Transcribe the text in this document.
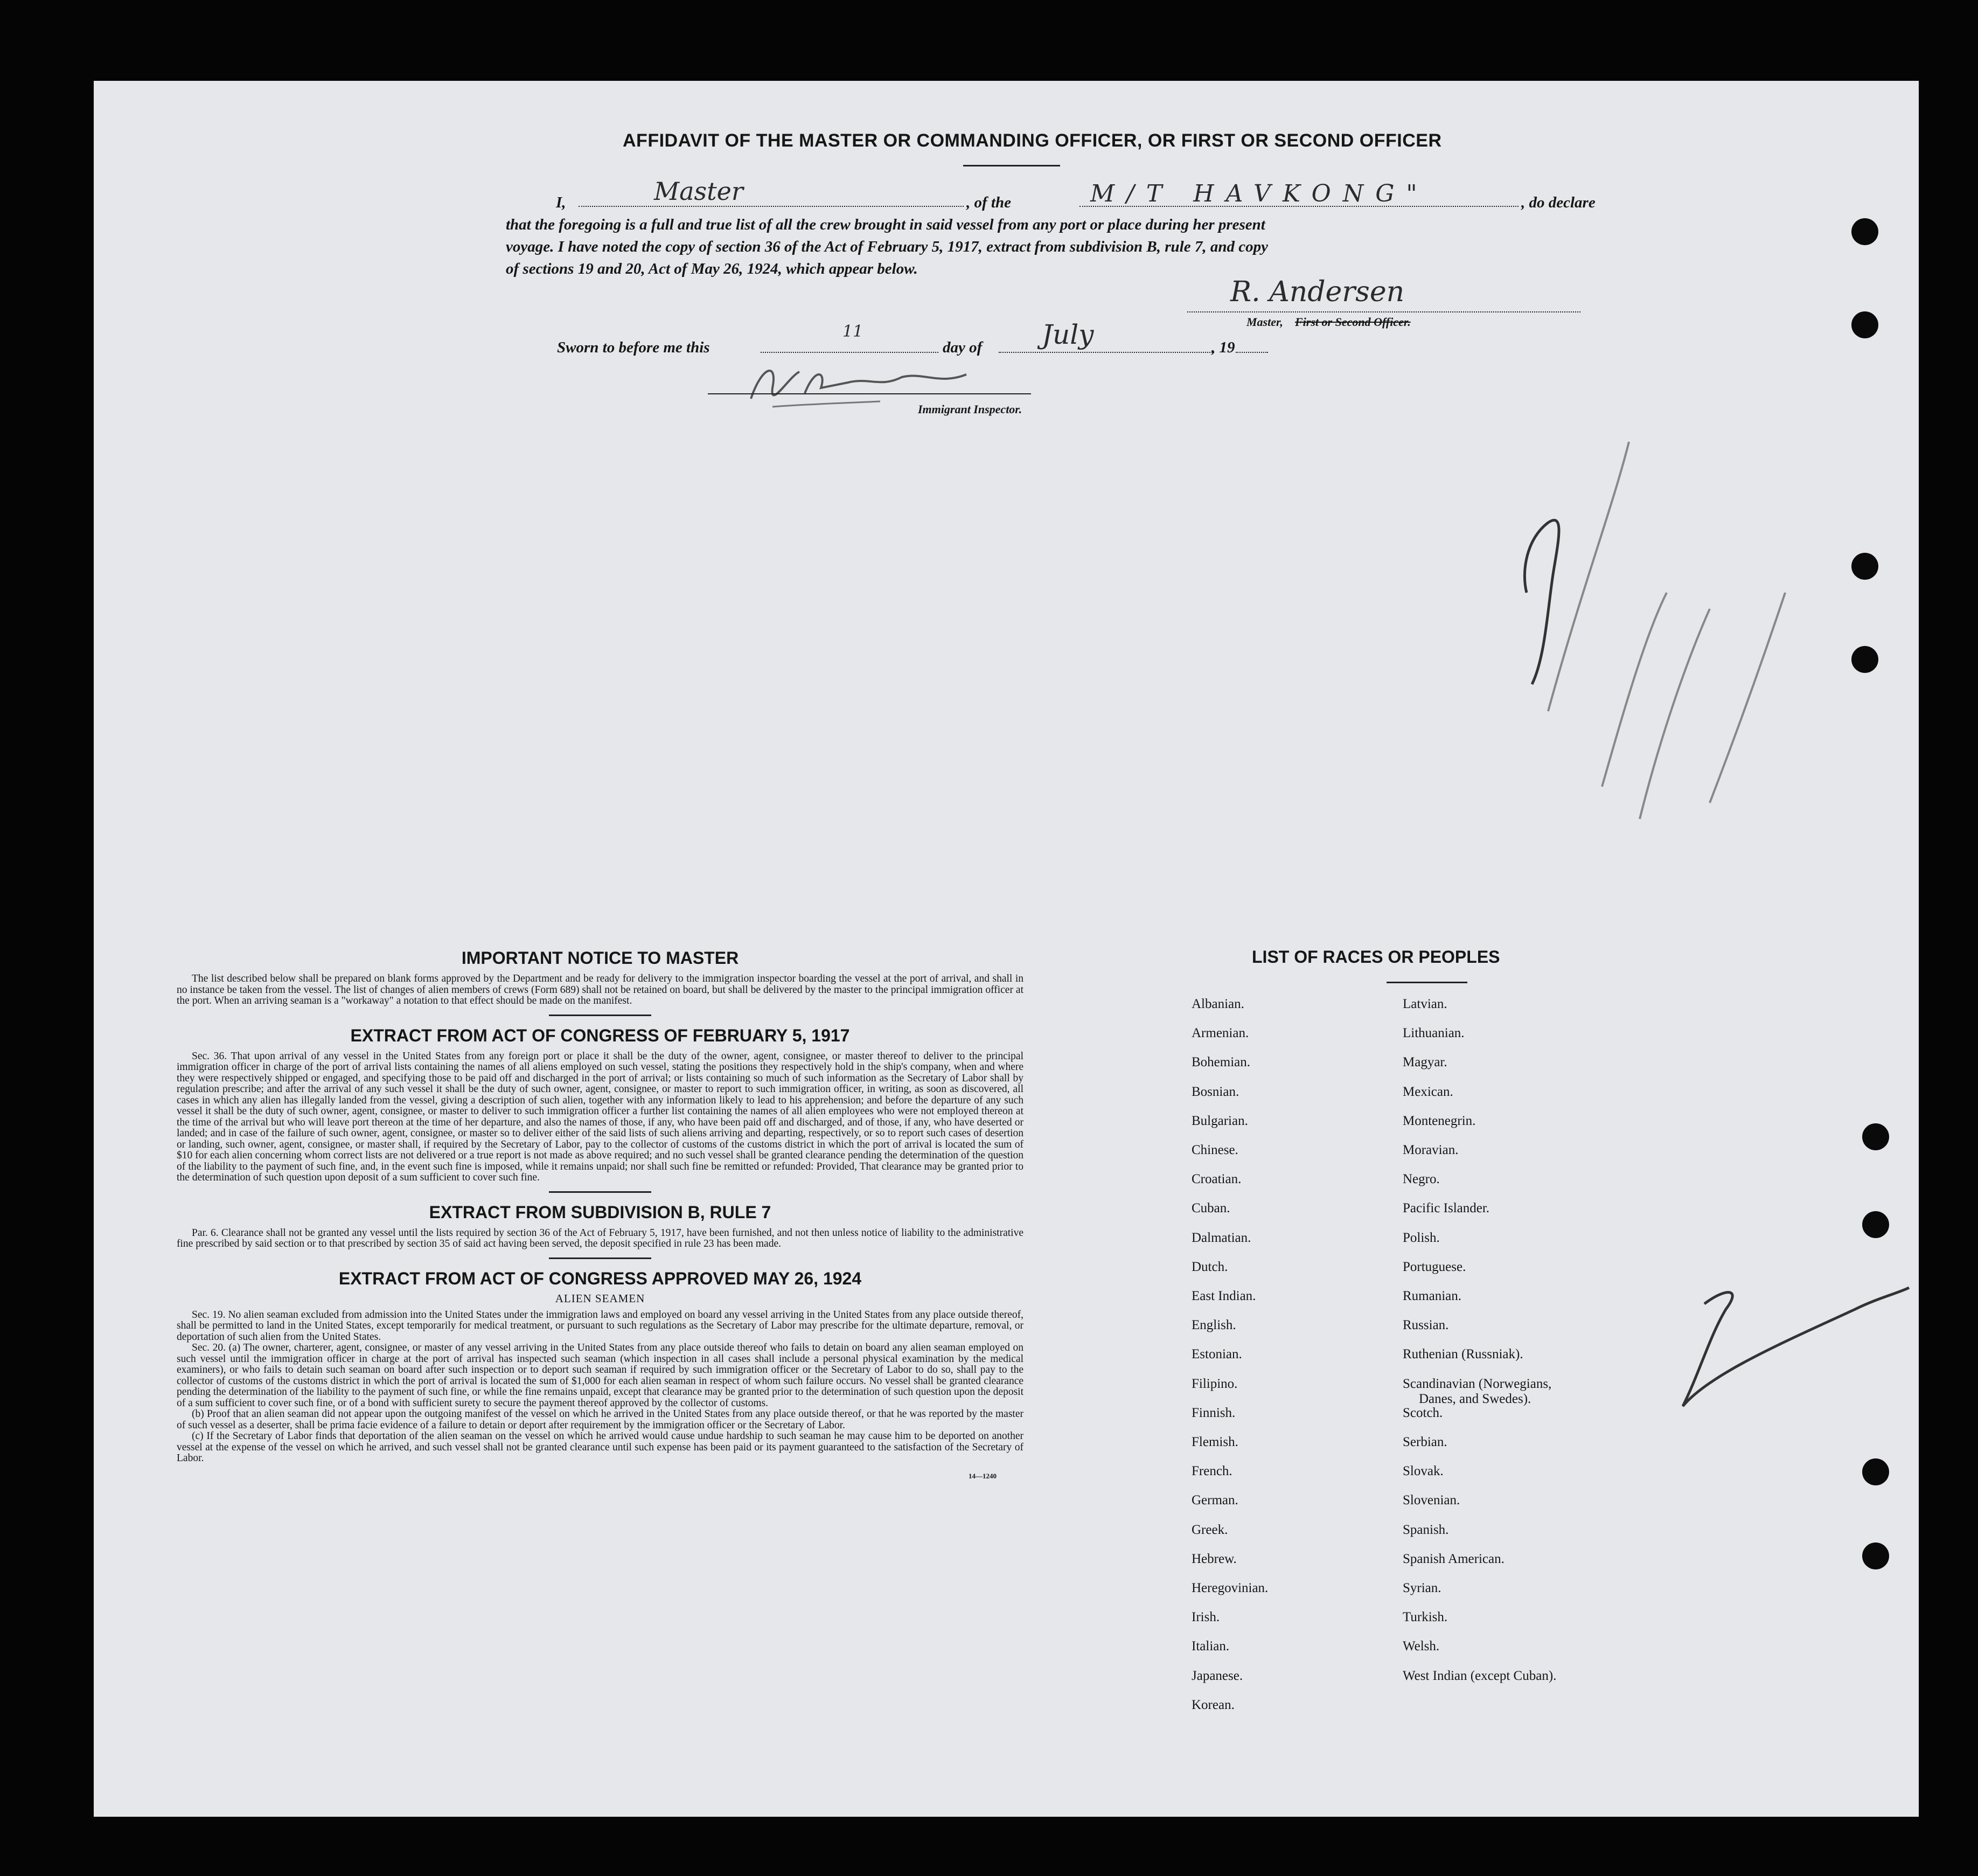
AFFIDAVIT OF THE MASTER OR COMMANDING OFFICER, OR FIRST OR SECOND OFFICER
I,	Master	, of the	M/T HAVKONG"	, do declare
that the foregoing is a full and true list of all the crew brought in said vessel from any port or place during her present
voyage. I have noted the copy of section 36 of the Act of February 5, 1917, extract from subdivision B, rule 7, and copy
of sections 19 and 20, Act of May 26, 1924, which appear below.
R. Andersen
Master, First or Second Officer.
Sworn to before me this
11
day of July	, 19
Immigrant Inspector.
IMPORTANT NOTICE TO MASTER

The list described below shall be prepared on blank forms approved by the Department and be ready for delivery to the immigration inspector boarding the vessel at the port of arrival, and shall in no instance be taken from the vessel. The list of changes of alien members of crews (Form 689) shall not be retained on board, but shall be delivered by the master to the principal immigration officer at the port. When an arriving seaman is a "workaway" a notation to that effect should be made on the manifest.

EXTRACT FROM ACT OF CONGRESS OF FEBRUARY 5, 1917

Sec. 36. That upon arrival of any vessel in the United States from any foreign port or place it shall be the duty of the owner, agent, consignee, or master thereof to deliver to the principal immigration officer in charge of the port of arrival lists containing the names of all aliens employed on such vessel, stating the positions they respectively hold in the ship's company, when and where they were respectively shipped or engaged, and specifying those to be paid off and discharged in the port of arrival; or lists containing so much of such information as the Secretary of Labor shall by regulation prescribe; and after the arrival of any such vessel it shall be the duty of such owner, agent, consignee, or master to report to such immigration officer, in writing, as soon as discovered, all cases in which any alien has illegally landed from the vessel, giving a description of such alien, together with any information likely to lead to his apprehension; and before the departure of any such vessel it shall be the duty of such owner, agent, consignee, or master to deliver to such immigration officer a further list containing the names of all alien employees who were not employed thereon at the time of the arrival but who will leave port thereon at the time of her departure, and also the names of those, if any, who have been paid off and discharged, and of those, if any, who have deserted or landed; and in case of the failure of such owner, agent, consignee, or master so to deliver either of the said lists of such aliens arriving and departing, respectively, or so to report such cases of desertion or landing, such owner, agent, consignee, or master shall, if required by the Secretary of Labor, pay to the collector of customs of the customs district in which the port of arrival is located the sum of $10 for each alien concerning whom correct lists are not delivered or a true report is not made as above required; and no such vessel shall be granted clearance pending the determination of the question of the liability to the payment of such fine, and, in the event such fine is imposed, while it remains unpaid; nor shall such fine be remitted or refunded: Provided, That clearance may be granted prior to the determination of such question upon deposit of a sum sufficient to cover such fine.

EXTRACT FROM SUBDIVISION B, RULE 7

Par. 6. Clearance shall not be granted any vessel until the lists required by section 36 of the Act of February 5, 1917, have been furnished, and not then unless notice of liability to the administrative fine prescribed by said section or to that prescribed by section 35 of said act having been served, the deposit specified in rule 23 has been made.

EXTRACT FROM ACT OF CONGRESS APPROVED MAY 26, 1924
ALIEN SEAMEN

Sec. 19. No alien seaman excluded from admission into the United States under the immigration laws and employed on board any vessel arriving in the United States from any place outside thereof, shall be permitted to land in the United States, except temporarily for medical treatment, or pursuant to such regulations as the Secretary of Labor may prescribe for the ultimate departure, removal, or deportation of such alien from the United States.

Sec. 20. (a) The owner, charterer, agent, consignee, or master of any vessel arriving in the United States from any place outside thereof who fails to detain on board any alien seaman employed on such vessel until the immigration officer in charge at the port of arrival has inspected such seaman (which inspection in all cases shall include a personal physical examination by the medical examiners), or who fails to detain such seaman on board after such inspection or to deport such seaman if required by such immigration officer or the Secretary of Labor to do so, shall pay to the collector of customs of the customs district in which the port of arrival is located the sum of $1,000 for each alien seaman in respect of whom such failure occurs. No vessel shall be granted clearance pending the determination of the liability to the payment of such fine, or while the fine remains unpaid, except that clearance may be granted prior to the determination of such question upon the deposit of a sum sufficient to cover such fine, or of a bond with sufficient surety to secure the payment thereof approved by the collector of customs.

(b) Proof that an alien seaman did not appear upon the outgoing manifest of the vessel on which he arrived in the United States from any place outside thereof, or that he was reported by the master of such vessel as a deserter, shall be prima facie evidence of a failure to detain or deport after requirement by the immigration officer or the Secretary of Labor.

(c) If the Secretary of Labor finds that deportation of the alien seaman on the vessel on which he arrived would cause undue hardship to such seaman he may cause him to be deported on another vessel at the expense of the vessel on which he arrived, and such vessel shall not be granted clearance until such expense has been paid or its payment guaranteed to the satisfaction of the Secretary of Labor.

14—1240
LIST OF RACES OR PEOPLES
Albanian.
Armenian.
Bohemian.
Bosnian.
Bulgarian.
Chinese.
Croatian.
Cuban.
Dalmatian.
Dutch.
East Indian.
English.
Estonian.
Filipino.
Finnish.
Flemish.
French.
German.
Greek.
Hebrew.
Heregovinian.
Irish.
Italian.
Japanese.
Korean.
Latvian.
Lithuanian.
Magyar.
Mexican.
Montenegrin.
Moravian.
Negro.
Pacific Islander.
Polish.
Portuguese.
Rumanian.
Russian.
Ruthenian (Russniak).
Scandinavian (Norwegians,
Danes, and Swedes).
Scotch.
Serbian.
Slovak.
Slovenian.
Spanish.
Spanish American.
Syrian.
Turkish.
Welsh.
West Indian (except Cuban).
